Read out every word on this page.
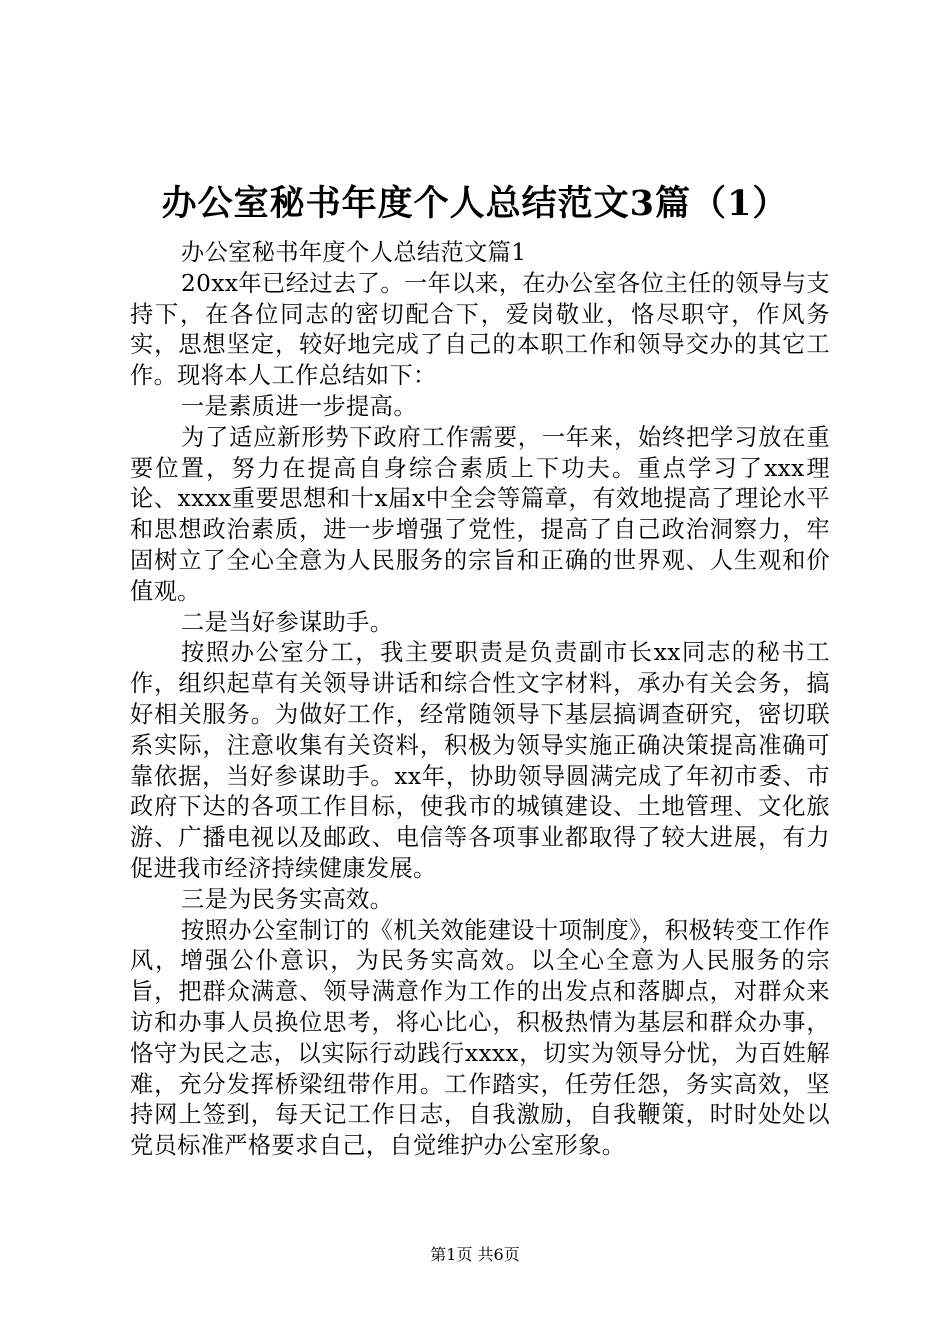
办公室秘书年度个人总结范文3篇（1）

办公室秘书年度个人总结范文篇1

20xx年已经过去了。一年以来，在办公室各位主任的领导与支持下，在各位同志的密切配合下，爱岗敬业，恪尽职守，作风务实，思想坚定，较好地完成了自己的本职工作和领导交办的其它工作。现将本人工作总结如下：

一是素质进一步提高。

为了适应新形势下政府工作需要，一年来，始终把学习放在重要位置，努力在提高自身综合素质上下功夫。重点学习了xxx理论、xxxx重要思想和十x届x中全会等篇章，有效地提高了理论水平和思想政治素质，进一步增强了党性，提高了自己政治洞察力，牢固树立了全心全意为人民服务的宗旨和正确的世界观、人生观和价值观。

二是当好参谋助手。

按照办公室分工，我主要职责是负责副市长xx同志的秘书工作，组织起草有关领导讲话和综合性文字材料，承办有关会务，搞好相关服务。为做好工作，经常随领导下基层搞调查研究，密切联系实际，注意收集有关资料，积极为领导实施正确决策提高准确可靠依据，当好参谋助手。xx年，协助领导圆满完成了年初市委、市政府下达的各项工作目标，使我市的城镇建设、土地管理、文化旅游、广播电视以及邮政、电信等各项事业都取得了较大进展，有力促进我市经济持续健康发展。

三是为民务实高效。

按照办公室制订的《机关效能建设十项制度》，积极转变工作作风，增强公仆意识，为民务实高效。以全心全意为人民服务的宗旨，把群众满意、领导满意作为工作的出发点和落脚点，对群众来访和办事人员换位思考，将心比心，积极热情为基层和群众办事，恪守为民之志，以实际行动践行xxxx，切实为领导分忧，为百姓解难，充分发挥桥梁纽带作用。工作踏实，任劳任怨，务实高效，坚持网上签到，每天记工作日志，自我激励，自我鞭策，时时处处以党员标准严格要求自己，自觉维护办公室形象。

第1页 共6页
